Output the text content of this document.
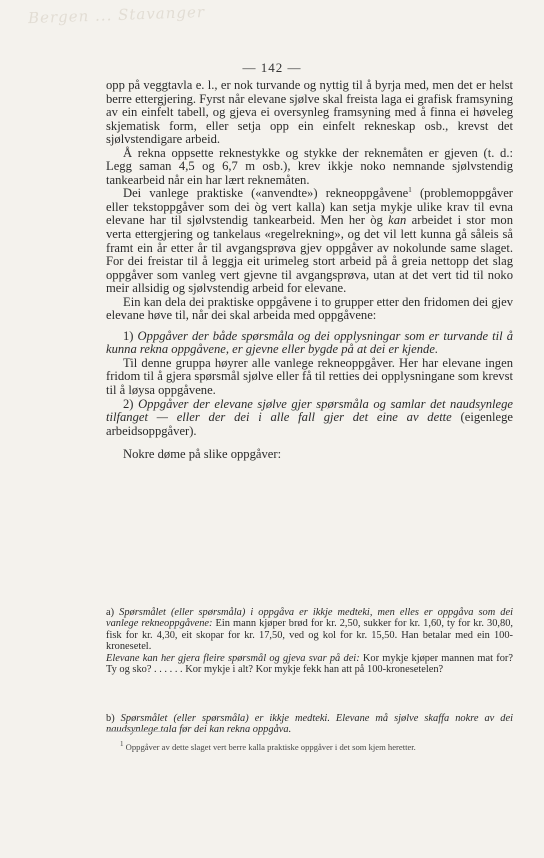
Bergen ... Stavanger
— 142 —

opp på veggtavla e. l., er nok turvande og nyttig til å byrja med, men det er helst berre ettergjering. Fyrst når elevane sjølve skal freista laga ei grafisk framsyning av ein einfelt tabell, og gjeva ei oversynleg framsyning med å finna ei høveleg skjematisk form, eller setja opp ein einfelt rekneskap osb., krevst det sjølvstendigare arbeid.

Å rekna oppsette reknestykke og stykke der reknemåten er gjeven (t. d.: Legg saman 4,5 og 6,7 m osb.), krev ikkje noko nemnande sjølvstendig tankearbeid når ein har lært reknemåten.

Dei vanlege praktiske («anvendte») rekneoppgåvene$^1$ (problemoppgåver eller tekstoppgåver som dei òg vert kalla) kan setja mykje ulike krav til evna elevane har til sjølvstendig tankearbeid. Men her òg kan arbeidet i stor mon verta ettergjering og tankelaus «regelrekning», og det vil lett kunna gå såleis så framt ein år etter år til avgangsprøva gjev oppgåver av nokolunde same slaget. For dei freistar til å leggja eit urimeleg stort arbeid på å greia nettopp det slag oppgåver som vanleg vert gjevne til avgangsprøva, utan at det vert tid til noko meir allsidig og sjølvstendig arbeid for elevane.

Ein kan dela dei praktiske oppgåvene i to grupper etter den fridomen dei gjev elevane høve til, når dei skal arbeida med oppgåvene:

1) Oppgåver der både spørsmåla og dei opplysningar som er turvande til å kunna rekna oppgåvene, er gjevne eller bygde på at dei er kjende.

Til denne gruppa høyrer alle vanlege rekneoppgåver. Her har elevane ingen fridom til å gjera spørsmål sjølve eller få til retties dei opplysningane som krevst til å løysa oppgåvene.

2) Oppgåver der elevane sjølve gjer spørsmåla og samlar det naudsynlege tilfanget — eller der dei i alle fall gjer det eine av dette (eigenlege arbeidsoppgåver).

Nokre døme på slike oppgåver:

a) Spørsmålet (eller spørsmåla) i oppgåva er ikkje medteki, men elles er oppgåva som dei vanlege rekneoppgåvene: Ein mann kjøper brød for kr. 2,50, sukker for kr. 1,60, ty for kr. 30,80, fisk for kr. 4,30, eit skopar for kr. 17,50, ved og kol for kr. 15,50. Han betalar med ein 100-kronesetel.
Elevane kan her gjera fleire spørsmål og gjeva svar på dei: Kor mykje kjøper mannen mat for? Ty og sko? . . . . . . Kor mykje i alt? Kor mykje fekk han att på 100-kronesetelen?
b) Spørsmålet (eller spørsmåla) er ikkje medteki. Elevane må sjølve skaffa nokre av dei naudsynlege tala før dei kan rekna oppgåva.
$^1$ Oppgåver av dette slaget vert berre kalla praktiske oppgåver i det som kjem heretter.
